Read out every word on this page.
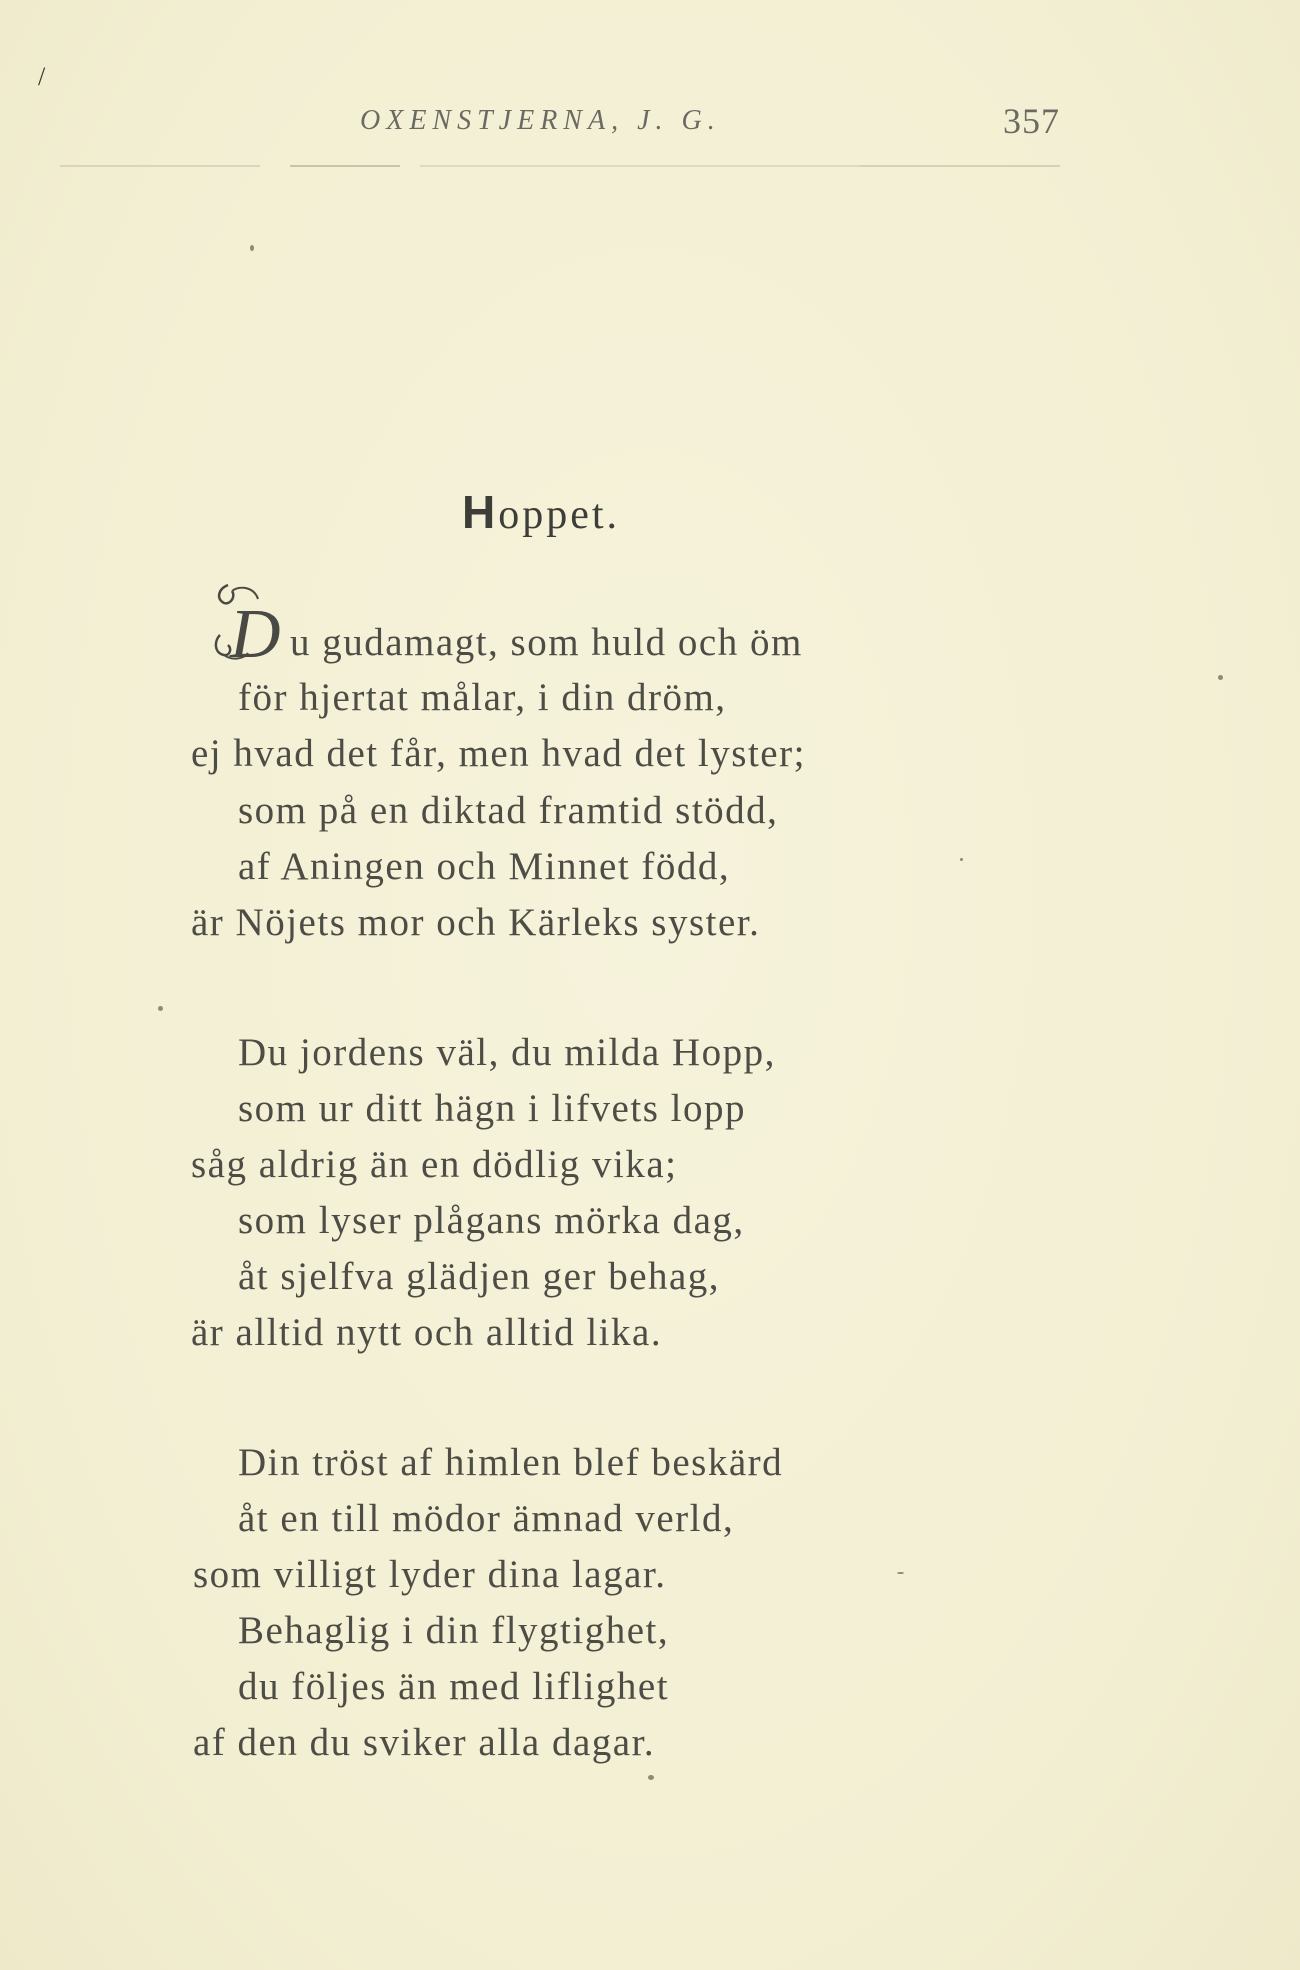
/
OXENSTJERNA, J. G.	357
Hoppet.
D u gudamagt, som huld och öm
för hjertat målar, i din dröm,
ej hvad det får, men hvad det lyster;
som på en diktad framtid stödd,
af Aningen och Minnet född,
är Nöjets mor och Kärleks syster.
Du jordens väl, du milda Hopp,
som ur ditt hägn i lifvets lopp
såg aldrig än en dödlig vika;
som lyser plågans mörka dag,
åt sjelfva glädjen ger behag,
är alltid nytt och alltid lika.
Din tröst af himlen blef beskärd
åt en till mödor ämnad verld,
som villigt lyder dina lagar.
Behaglig i din flygtighet,
du följes än med liflighet
af den du sviker alla dagar.
